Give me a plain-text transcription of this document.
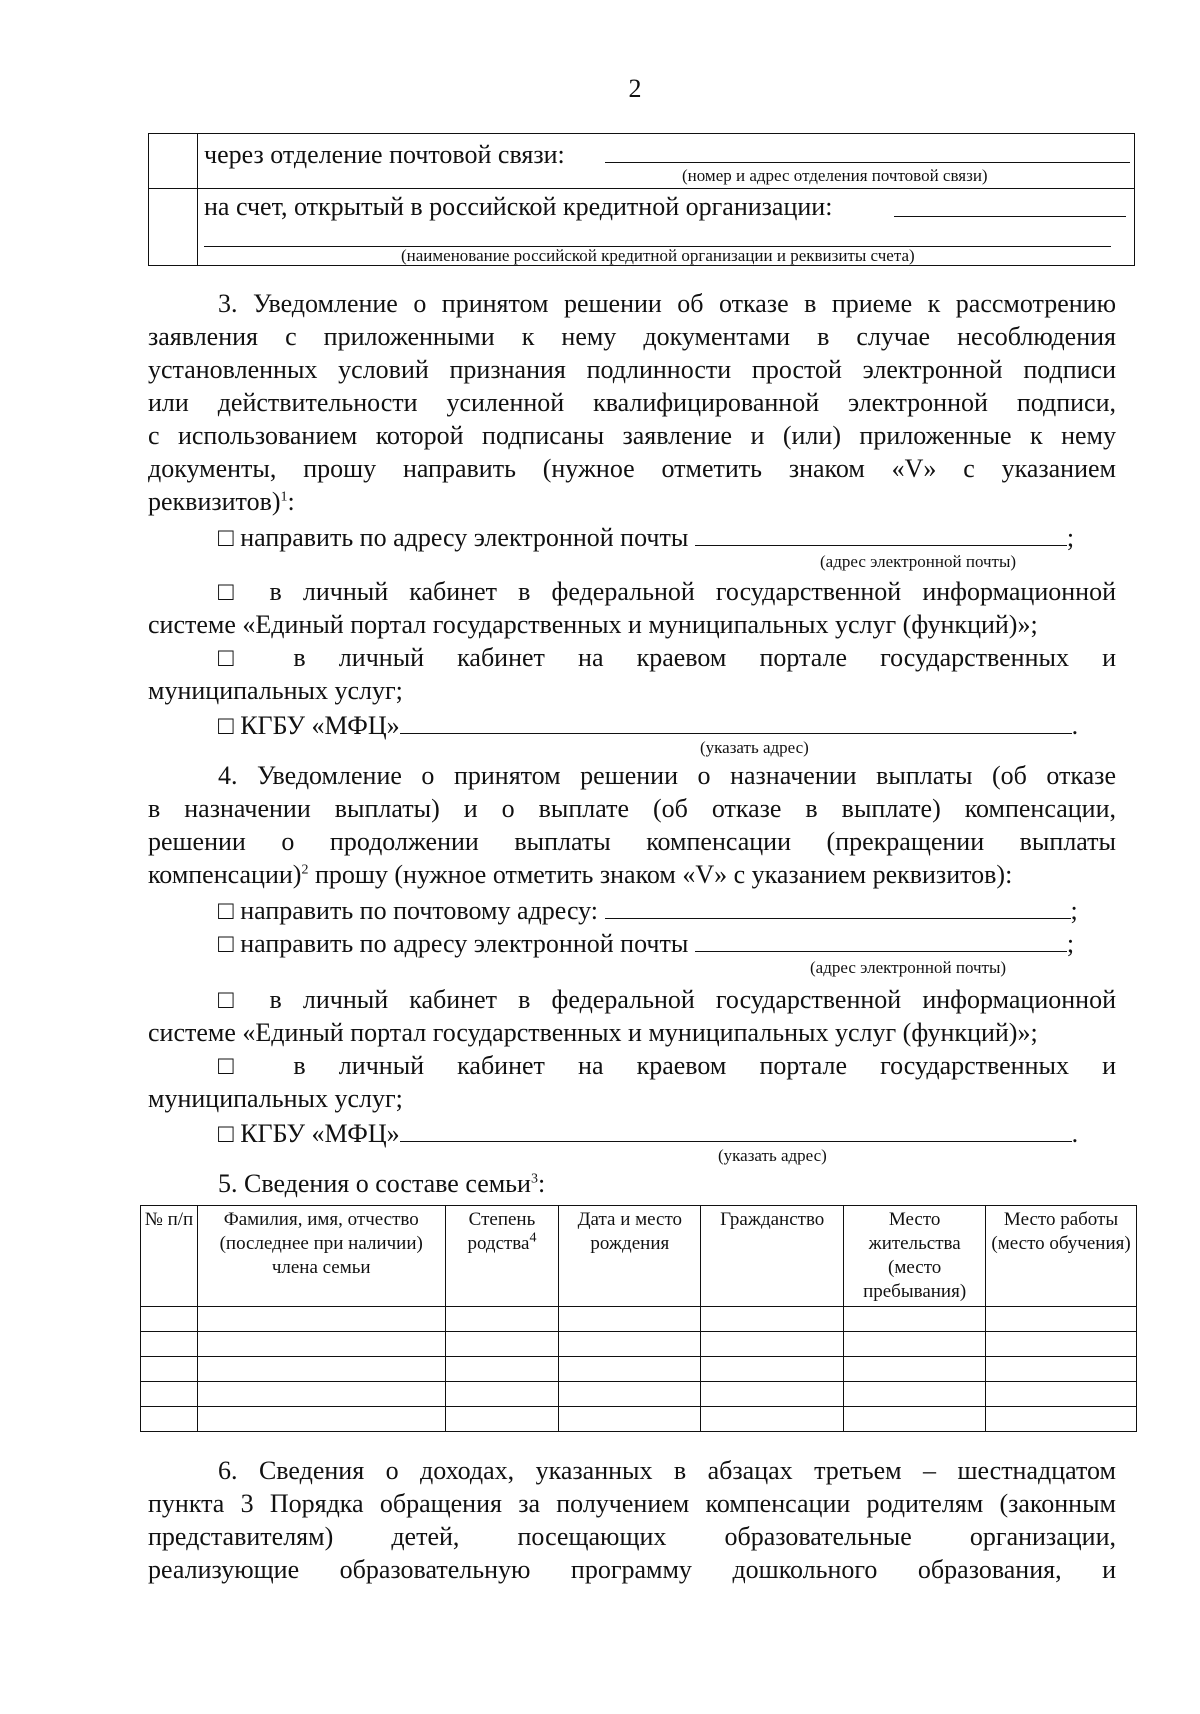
2
через отделение почтовой связи:
(номер и адрес отделения почтовой связи)
на счет, открытый в российской кредитной организации:
(наименование российской кредитной организации и реквизиты счета)
3. Уведомление о принятом решении об отказе в приеме к рассмотрению
заявления с приложенными к нему документами в случае несоблюдения
установленных условий признания подлинности простой электронной подписи
или действительности усиленной квалифицированной электронной подписи,
с использованием которой подписаны заявление и (или) приложенные к нему
документы, прошу направить (нужное отметить знаком «V» с указанием
реквизитов)$^1$:
□ направить по адресу электронной почты	;
(адрес электронной почты)
□ в личный кабинет в федеральной государственной информационной
системе «Единый портал государственных и муниципальных услуг (функций)»;
□ в личный кабинет на краевом портале государственных и
муниципальных услуг;
□ КГБУ «МФЦ»	.
(указать адрес)
4. Уведомление о принятом решении о назначении выплаты (об отказе
в назначении выплаты) и о выплате (об отказе в выплате) компенсации,
решении о продолжении выплаты компенсации (прекращении выплаты
компенсации)$^2$ прошу (нужное отметить знаком «V» с указанием реквизитов):
□ направить по почтовому адресу:	;
□ направить по адресу электронной почты	;
(адрес электронной почты)
□ в личный кабинет в федеральной государственной информационной
системе «Единый портал государственных и муниципальных услуг (функций)»;
□ в личный кабинет на краевом портале государственных и
муниципальных услуг;
□ КГБУ «МФЦ»	.
(указать адрес)
5. Сведения о составе семьи$^3$:
№ п/п	Фамилия, имя, отчество (последнее при наличии) члена семьи	Степень родства$^4$	Дата и место рождения	Гражданство	Место жительства (место пребывания)	Место работы (место обучения)

6. Сведения о доходах, указанных в абзацах третьем – шестнадцатом
пункта 3 Порядка обращения за получением компенсации родителям (законным
представителям) детей, посещающих образовательные организации,
реализующие образовательную программу дошкольного образования, и
